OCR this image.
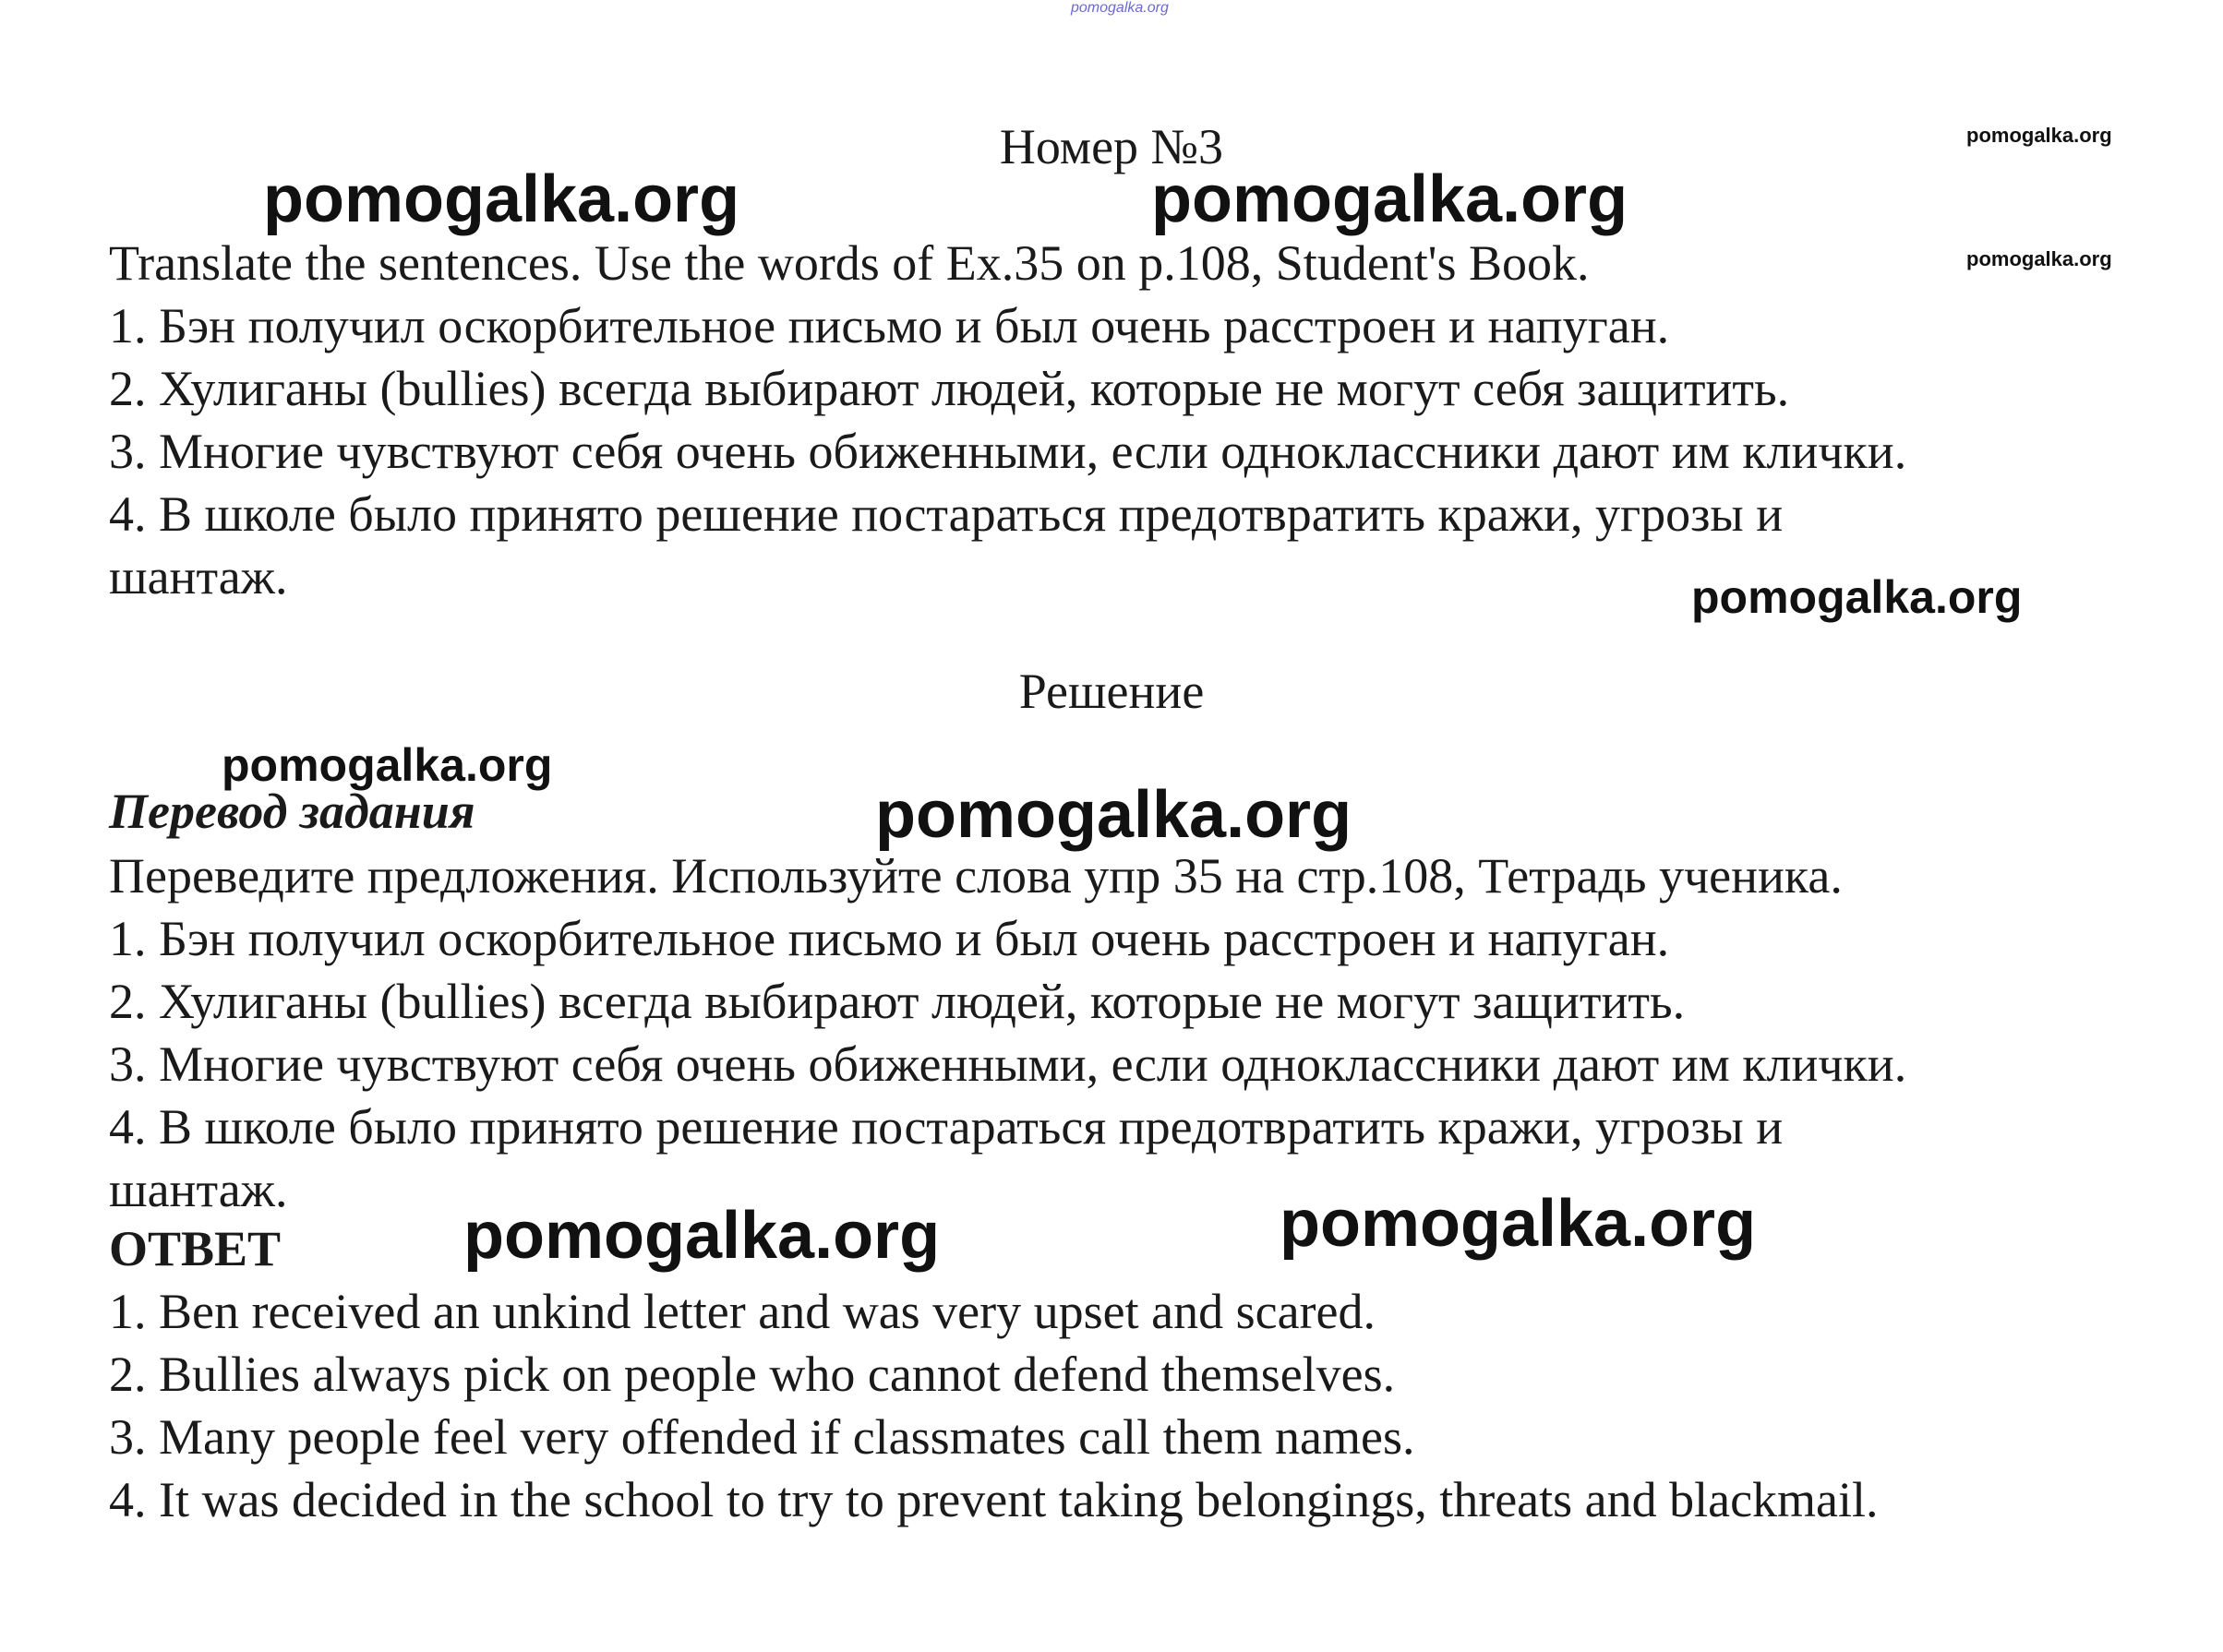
pomogalka.org
pomogalka.org
pomogalka.org
pomogalka.org	pomogalka.org
pomogalka.org
pomogalka.org
pomogalka.org
pomogalka.org	pomogalka.org
Номер №3
Translate the sentences. Use the words of Ex.35 on p.108, Student's Book.
1. Бэн получил оскорбительное письмо и был очень расстроен и напуган.
2. Хулиганы (bullies) всегда выбирают людей, которые не могут себя защитить.
3. Многие чувствуют себя очень обиженными, если одноклассники дают им клички.
4. В школе было принято решение постараться предотвратить кражи, угрозы и
шантаж.
Решение
Перевод задания
Переведите предложения. Используйте слова упр 35 на стр.108, Тетрадь ученика.
1. Бэн получил оскорбительное письмо и был очень расстроен и напуган.
2. Хулиганы (bullies) всегда выбирают людей, которые не могут защитить.
3. Многие чувствуют себя очень обиженными, если одноклассники дают им клички.
4. В школе было принято решение постараться предотвратить кражи, угрозы и
шантаж.
ОТВЕТ
1. Ben received an unkind letter and was very upset and scared.
2. Bullies always pick on people who cannot defend themselves.
3. Many people feel very offended if classmates call them names.
4. It was decided in the school to try to prevent taking belongings, threats and blackmail.
